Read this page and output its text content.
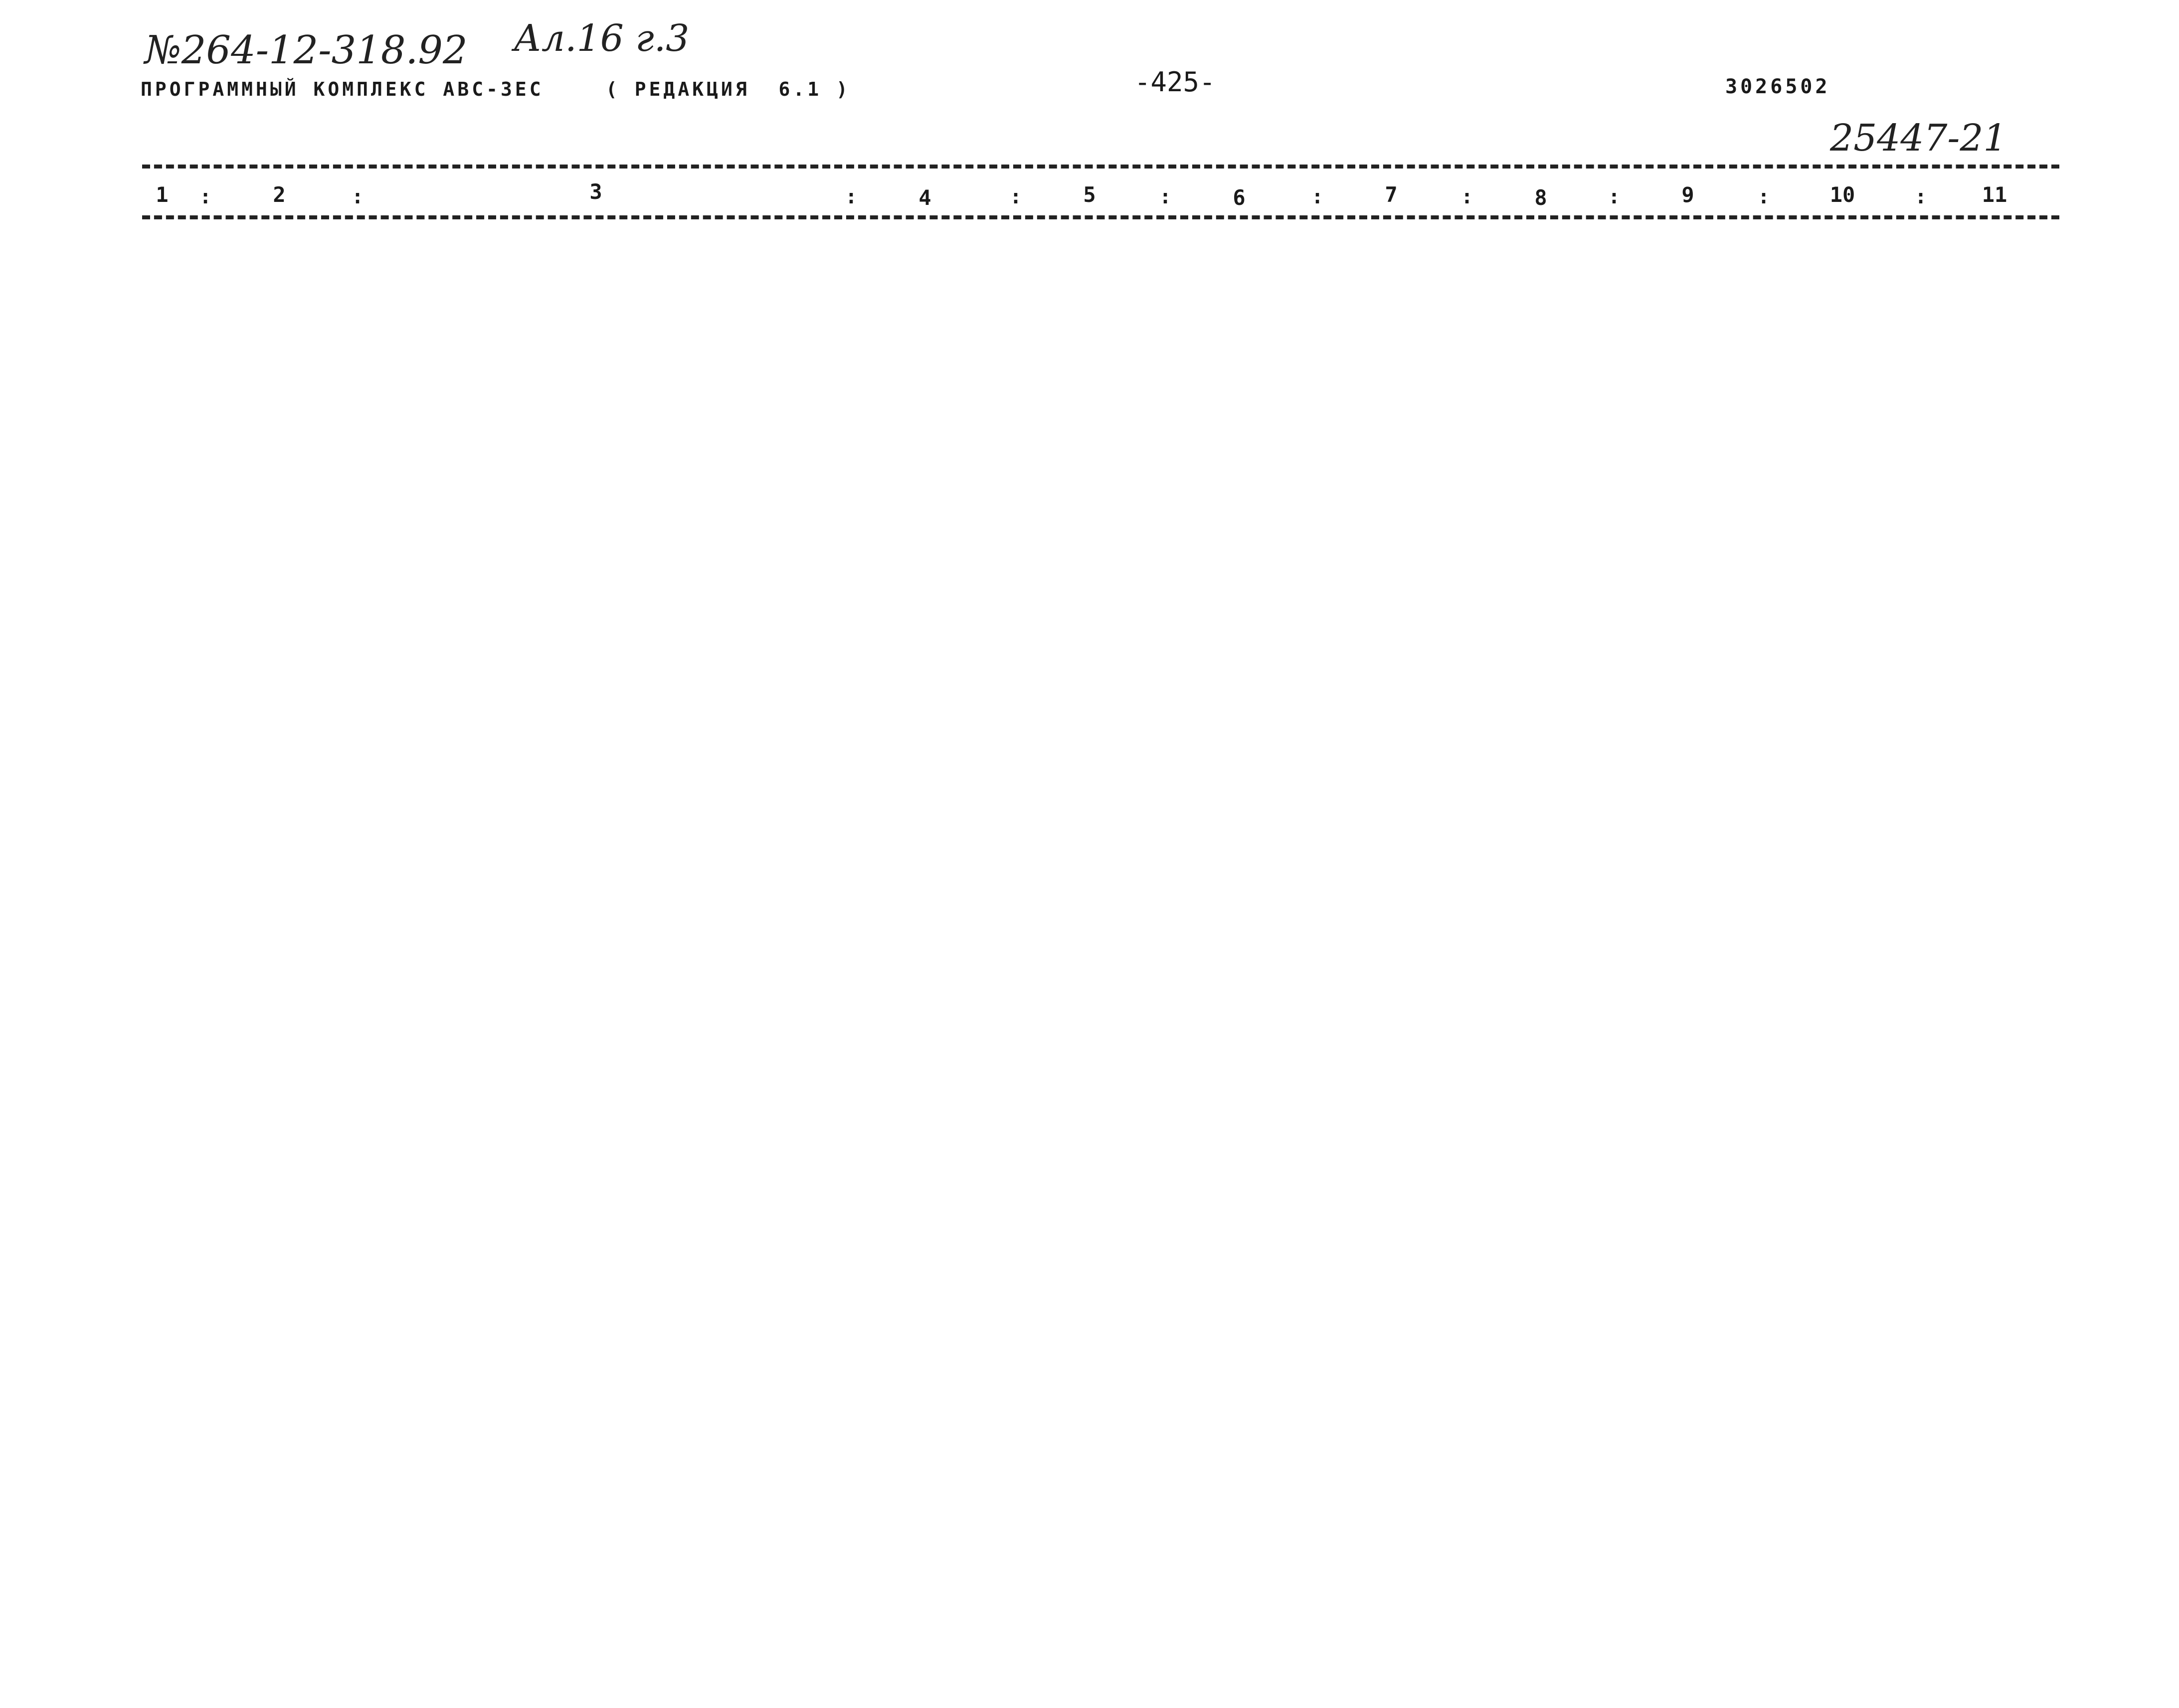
№264-12-318.92 Ал.16 г.3
25447-21
ПРОГРАММНЫЙ КОМПЛЕКС АВС-3ЕС	( РЕДАКЦИЯ  6.1 )	-425-	3026502
1	:	2	:	3	:	4	:	5	:	6	:	7	:	8	:	9	:	10	:	11
